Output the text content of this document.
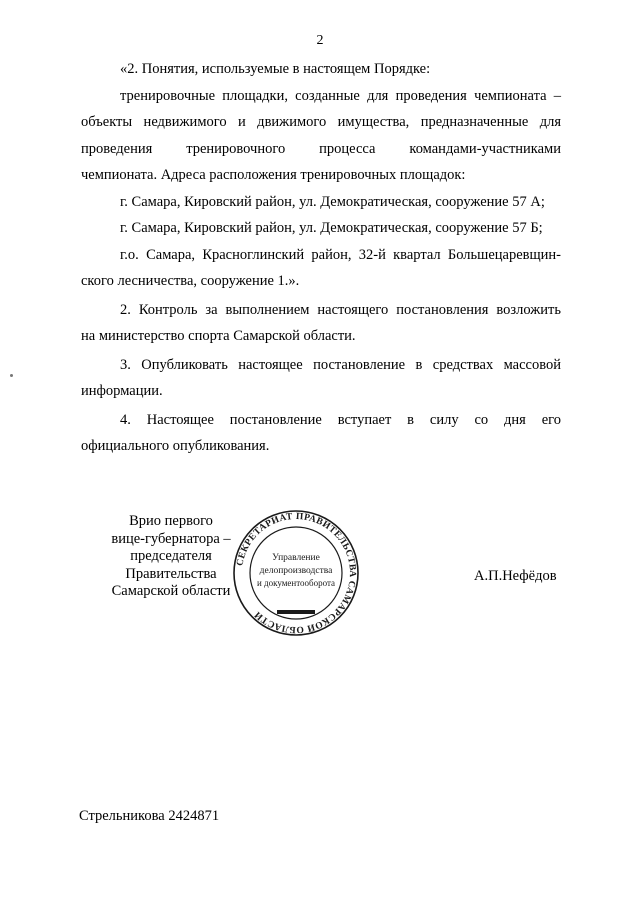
2

«2. Понятия, используемые в настоящем Порядке:

тренировочные площадки, созданные для проведения чемпионата –

объекты недвижимого и движимого имущества, предназначенные для

проведения тренировочного процесса командами-участниками

чемпионата. Адреса расположения тренировочных площадок:

г. Самара, Кировский район, ул. Демократическая, сооружение 57 А;

г. Самара, Кировский район, ул. Демократическая, сооружение 57 Б;

г.о. Самара, Красноглинский район, 32-й квартал Большецаревщин-

ского лесничества, сооружение 1.».

2. Контроль за выполнением настоящего постановления возложить

на министерство спорта Самарской области.

3. Опубликовать настоящее постановление в средствах массовой

информации.

4. Настоящее постановление вступает в силу со дня его

официального опубликования.

Врио первого
вице-губернатора –
председателя Правительства
Самарской области
СЕКРЕТАРИАТ ПРАВИТЕЛЬСТВА САМАРСКОЙ ОБЛАСТИ
Управление
делопроизводства
и документооборота	А.П.Нефёдов
Стрельникова 2424871
